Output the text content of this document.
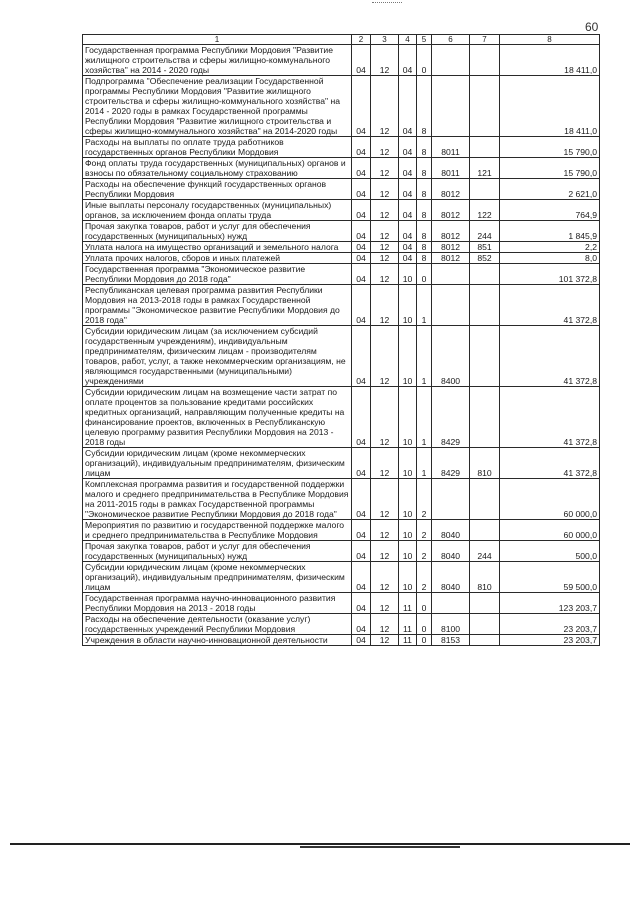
60
1	2	3	4	5	6	7	8
Государственная программа Республики Мордовия "Развитие жилищного строительства и сферы жилищно-коммунального хозяйства" на 2014 - 2020 годы	04	12	04	0			18 411,0
Подпрограмма "Обеспечение реализации Государственной программы Республики Мордовия "Развитие жилищного строительства и сферы жилищно-коммунального хозяйства" на 2014 - 2020 годы в рамках Государственной программы Республики Мордовия "Развитие жилищного строительства и сферы жилищно-коммунального хозяйства" на 2014-2020 годы	04	12	04	8			18 411,0
Расходы на выплаты по оплате труда работников государственных органов Республики Мордовия	04	12	04	8	8011		15 790,0
Фонд оплаты труда государственных (муниципальных) органов и взносы по обязательному социальному страхованию	04	12	04	8	8011	121	15 790,0
Расходы на обеспечение функций государственных органов Республики Мордовия	04	12	04	8	8012		2 621,0
Иные выплаты персоналу государственных (муниципальных) органов, за исключением фонда оплаты труда	04	12	04	8	8012	122	764,9
Прочая закупка товаров, работ и услуг для обеспечения государственных (муниципальных) нужд	04	12	04	8	8012	244	1 845,9
Уплата налога на имущество организаций и земельного налога	04	12	04	8	8012	851	2,2
Уплата прочих налогов, сборов и иных платежей	04	12	04	8	8012	852	8,0
Государственная программа "Экономическое развитие Республики Мордовия до 2018 года"	04	12	10	0			101 372,8
Республиканская целевая программа развития Республики Мордовия на 2013-2018 годы в рамках Государственной программы "Экономическое развитие Республики Мордовия до 2018 года"	04	12	10	1			41 372,8
Субсидии юридическим лицам (за исключением субсидий государственным учреждениям), индивидуальным предпринимателям, физическим лицам - производителям товаров, работ, услуг, а также некоммерческим организациям, не являющимся государственными (муниципальными) учреждениями	04	12	10	1	8400		41 372,8
Субсидии юридическим лицам на возмещение части затрат по оплате процентов за пользование кредитами российских кредитных организаций, направляющим полученные кредиты на финансирование проектов, включенных в Республиканскую целевую программу развития Республики Мордовия на 2013 - 2018 годы	04	12	10	1	8429		41 372,8
Субсидии юридическим лицам (кроме некоммерческих организаций), индивидуальным предпринимателям, физическим лицам	04	12	10	1	8429	810	41 372,8
Комплексная программа развития и государственной поддержки малого и среднего предпринимательства в Республике Мордовия на 2011-2015 годы в рамках Государственной программы "Экономическое развитие Республики Мордовия до 2018 года"	04	12	10	2			60 000,0
Мероприятия по развитию и государственной поддержке малого и среднего предпринимательства в Республике Мордовия	04	12	10	2	8040		60 000,0
Прочая закупка товаров, работ и услуг для обеспечения государственных (муниципальных) нужд	04	12	10	2	8040	244	500,0
Субсидии юридическим лицам (кроме некоммерческих организаций), индивидуальным предпринимателям, физическим лицам	04	12	10	2	8040	810	59 500,0
Государственная программа научно-инновационного развития Республики Мордовия на 2013 - 2018 годы	04	12	11	0			123 203,7
Расходы на обеспечение деятельности (оказание услуг) государственных учреждений Республики Мордовия	04	12	11	0	8100		23 203,7
Учреждения в области научно-инновационной деятельности	04	12	11	0	8153		23 203,7
